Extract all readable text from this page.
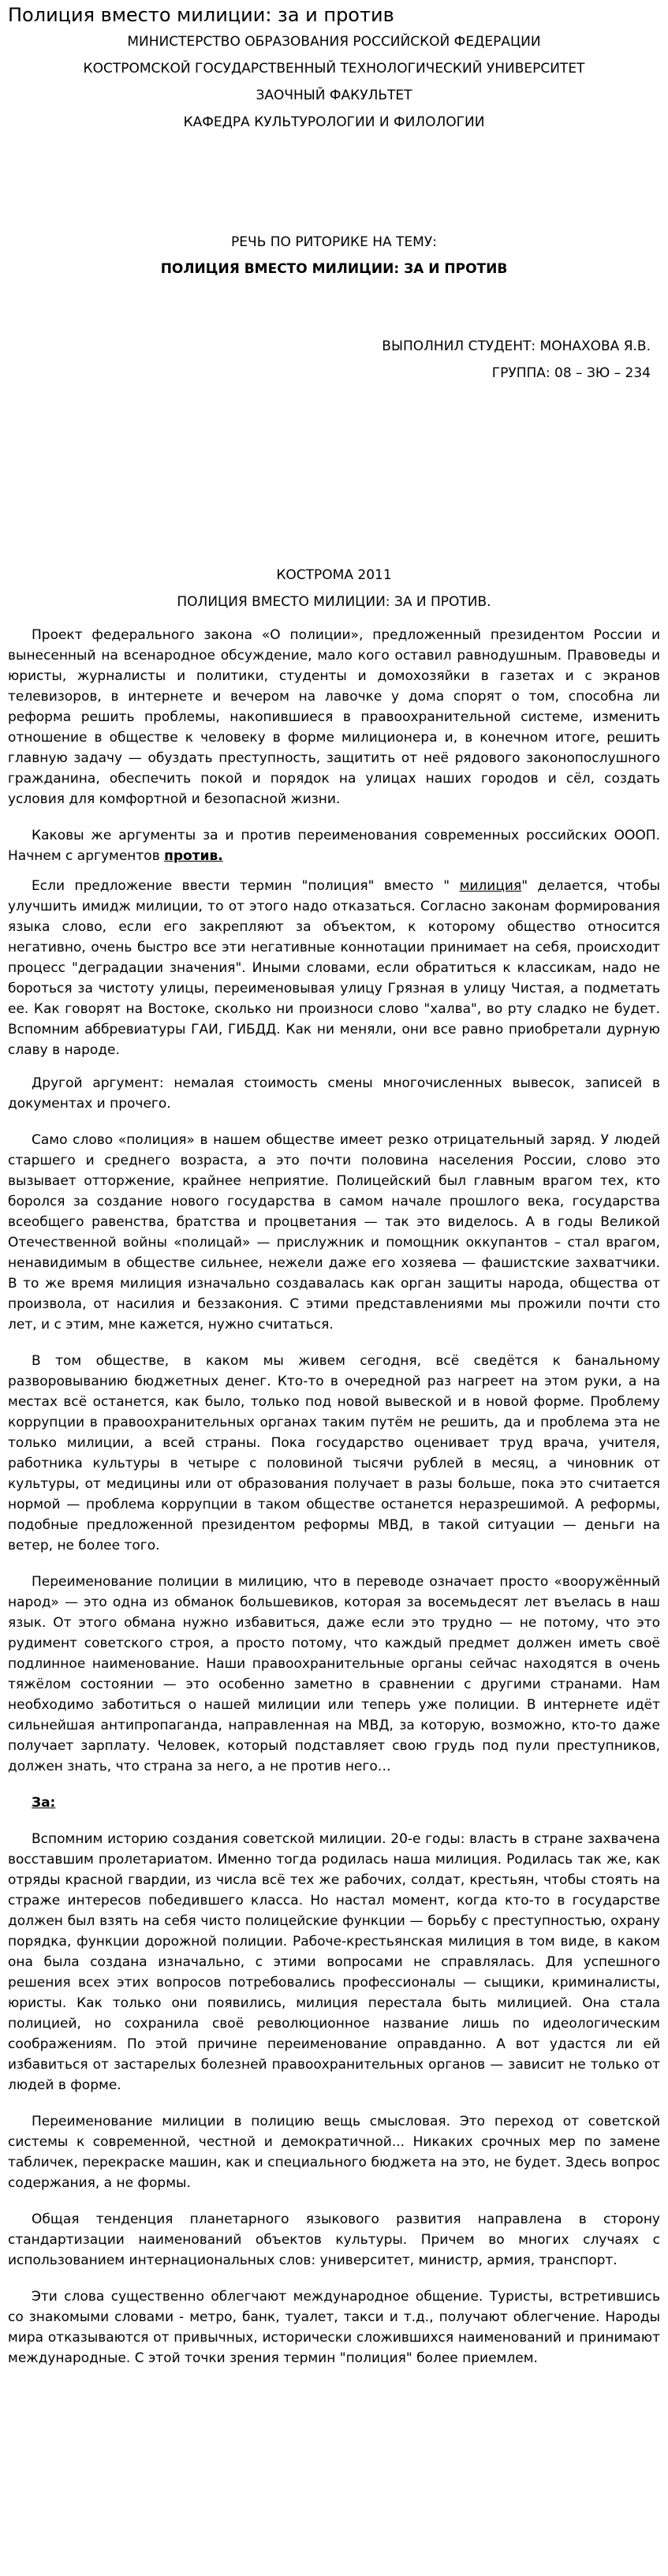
Полиция вместо милиции: за и против

МИНИСТЕРСТВО ОБРАЗОВАНИЯ РОССИЙСКОЙ ФЕДЕРАЦИИ

КОСТРОМСКОЙ ГОСУДАРСТВЕННЫЙ ТЕХНОЛОГИЧЕСКИЙ УНИВЕРСИТЕТ

ЗАОЧНЫЙ ФАКУЛЬТЕТ

КАФЕДРА КУЛЬТУРОЛОГИИ И ФИЛОЛОГИИ

РЕЧЬ ПО РИТОРИКЕ НА ТЕМУ:

ПОЛИЦИЯ ВМЕСТО МИЛИЦИИ: ЗА И ПРОТИВ

ВЫПОЛНИЛ СТУДЕНТ: МОНАХОВА Я.В.

ГРУППА: 08 – ЗЮ – 234

КОСТРОМА 2011

ПОЛИЦИЯ ВМЕСТО МИЛИЦИИ: ЗА И ПРОТИВ.

Проект федерального закона «О полиции», предложенный президентом России и вынесенный на всенародное обсуждение, мало кого оставил равнодушным. Правоведы и юристы, журналисты и политики, студенты и домохозяйки в газетах и с экранов телевизоров, в интернете и вечером на лавочке у дома спорят о том, способна ли реформа решить проблемы, накопившиеся в правоохранительной системе, изменить отношение в обществе к человеку в форме милиционера и, в конечном итоге, решить главную задачу — обуздать преступность, защитить от неё рядового законопослушного гражданина, обеспечить покой и порядок на улицах наших городов и сёл, создать условия для комфортной и безопасной жизни.

Каковы же аргументы за и против переименования современных российских ОООП. Начнем с аргументов против.

Если предложение ввести термин "полиция" вместо " милиция" делается, чтобы улучшить имидж милиции, то от этого надо отказаться. Согласно законам формирования языка слово, если его закрепляют за объектом, к которому общество относится негативно, очень быстро все эти негативные коннотации принимает на себя, происходит процесс "деградации значения". Иными словами, если обратиться к классикам, надо не бороться за чистоту улицы, переименовывая улицу Грязная в улицу Чистая, а подметать ее. Как говорят на Востоке, сколько ни произноси слово "халва", во рту сладко не будет. Вспомним аббревиатуры ГАИ, ГИБДД. Как ни меняли, они все равно приобретали дурную славу в народе.

Другой аргумент: немалая стоимость смены многочисленных вывесок, записей в документах и прочего.

Само слово «полиция» в нашем обществе имеет резко отрицательный заряд. У людей старшего и среднего возраста, а это почти половина населения России, слово это вызывает отторжение, крайнее неприятие. Полицейский был главным врагом тех, кто боролся за создание нового государства в самом начале прошлого века, государства всеобщего равенства, братства и процветания — так это виделось. А в годы Великой Отечественной войны «полицай» — прислужник и помощник оккупантов – стал врагом, ненавидимым в обществе сильнее, нежели даже его хозяева — фашистские захватчики. В то же время милиция изначально создавалась как орган защиты народа, общества от произвола, от насилия и беззакония. С этими представлениями мы прожили почти сто лет, и с этим, мне кажется, нужно считаться.

В том обществе, в каком мы живем сегодня, всё сведётся к банальному разворовыванию бюджетных денег. Кто-то в очередной раз нагреет на этом руки, а на местах всё останется, как было, только под новой вывеской и в новой форме. Проблему коррупции в правоохранительных органах таким путём не решить, да и проблема эта не только милиции, а всей страны. Пока государство оценивает труд врача, учителя, работника культуры в четыре с половиной тысячи рублей в месяц, а чиновник от культуры, от медицины или от образования получает в разы больше, пока это считается нормой — проблема коррупции в таком обществе останется неразрешимой. А реформы, подобные предложенной президентом реформы МВД, в такой ситуации — деньги на ветер, не более того.

Переименование полиции в милицию, что в переводе означает просто «вооружённый народ» — это одна из обманок большевиков, которая за восемьдесят лет въелась в наш язык. От этого обмана нужно избавиться, даже если это трудно — не потому, что это рудимент советского строя, а просто потому, что каждый предмет должен иметь своё подлинное наименование. Наши правоохранительные органы сейчас находятся в очень тяжёлом состоянии — это особенно заметно в сравнении с другими странами. Нам необходимо заботиться о нашей милиции или теперь уже полиции. В интернете идёт сильнейшая антипропаганда, направленная на МВД, за которую, возможно, кто-то даже получает зарплату. Человек, который подставляет свою грудь под пули преступников, должен знать, что страна за него, а не против него…

За:

Вспомним историю создания советской милиции. 20-е годы: власть в стране захвачена восставшим пролетариатом. Именно тогда родилась наша милиция. Родилась так же, как отряды красной гвардии, из числа всё тех же рабочих, солдат, крестьян, чтобы стоять на страже интересов победившего класса. Но настал момент, когда кто-то в государстве должен был взять на себя чисто полицейские функции — борьбу с преступностью, охрану порядка, функции дорожной полиции. Рабоче-крестьянская милиция в том виде, в каком она была создана изначально, с этими вопросами не справлялась. Для успешного решения всех этих вопросов потребовались профессионалы — сыщики, криминалисты, юристы. Как только они появились, милиция перестала быть милицией. Она стала полицией, но сохранила своё революционное название лишь по идеологическим соображениям. По этой причине переименование оправданно. А вот удастся ли ей избавиться от застарелых болезней правоохранительных органов — зависит не только от людей в форме.

Переименование милиции в полицию вещь смысловая. Это переход от советской системы к современной, честной и демократичной... Никаких срочных мер по замене табличек, перекраске машин, как и специального бюджета на это, не будет. Здесь вопрос содержания, а не формы.

Общая тенденция планетарного языкового развития направлена в сторону стандартизации наименований объектов культуры. Причем во многих случаях с использованием интернациональных слов: университет, министр, армия, транспорт.

Эти слова существенно облегчают международное общение. Туристы, встретившись со знакомыми словами - метро, банк, туалет, такси и т.д., получают облегчение. Народы мира отказываются от привычных, исторически сложившихся наименований и принимают международные. С этой точки зрения термин "полиция" более приемлем.
